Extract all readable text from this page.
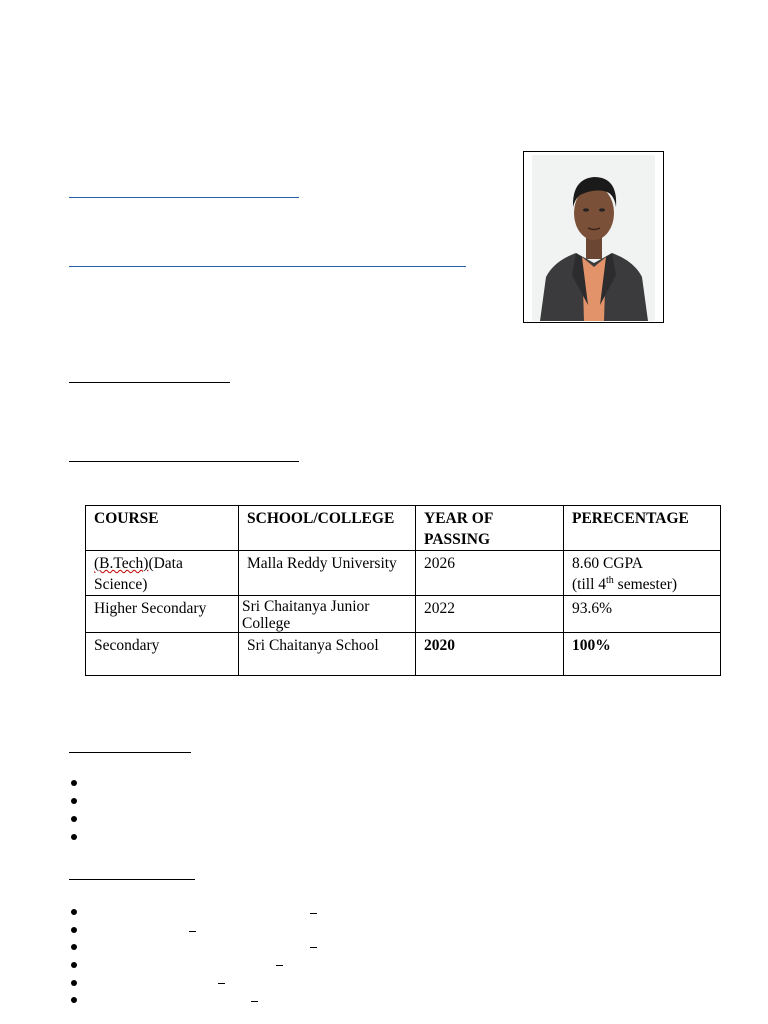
COURSE	SCHOOL/COLLEGE	YEAR OF PASSING	PERECENTAGE
(B.Tech)(Data Science)	Malla Reddy University	2026	8.60 CGPA
(till 4th semester)
Higher Secondary	Sri Chaitanya Junior College	2022	93.6%
Secondary	Sri Chaitanya School	2020	100%
